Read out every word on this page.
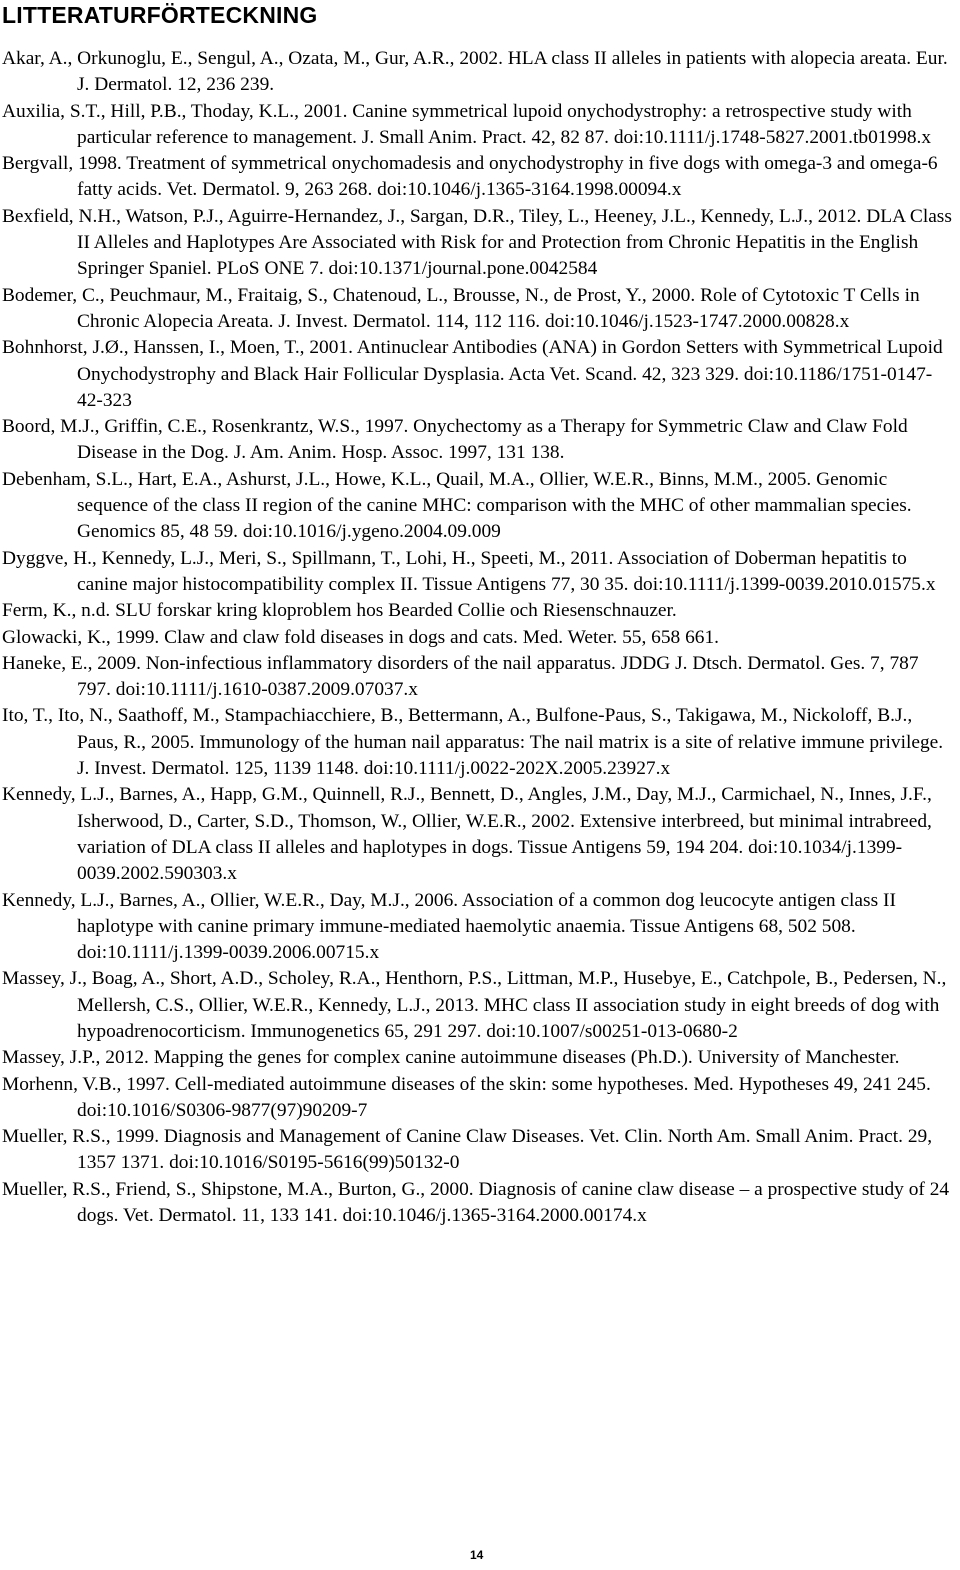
LITTERATURFÖRTECKNING
Akar, A., Orkunoglu, E., Sengul, A., Ozata, M., Gur, A.R., 2002. HLA class II alleles in patients with alopecia areata. Eur. J. Dermatol. 12, 236 239.
Auxilia, S.T., Hill, P.B., Thoday, K.L., 2001. Canine symmetrical lupoid onychodystrophy: a retrospective study with particular reference to management. J. Small Anim. Pract. 42, 82 87. doi:10.1111/j.1748-5827.2001.tb01998.x
Bergvall, 1998. Treatment of symmetrical onychomadesis and onychodystrophy in five dogs with omega-3 and omega-6 fatty acids. Vet. Dermatol. 9, 263 268. doi:10.1046/j.1365-3164.1998.00094.x
Bexfield, N.H., Watson, P.J., Aguirre-Hernandez, J., Sargan, D.R., Tiley, L., Heeney, J.L., Kennedy, L.J., 2012. DLA Class II Alleles and Haplotypes Are Associated with Risk for and Protection from Chronic Hepatitis in the English Springer Spaniel. PLoS ONE 7. doi:10.1371/journal.pone.0042584
Bodemer, C., Peuchmaur, M., Fraitaig, S., Chatenoud, L., Brousse, N., de Prost, Y., 2000. Role of Cytotoxic T Cells in Chronic Alopecia Areata. J. Invest. Dermatol. 114, 112 116. doi:10.1046/j.1523-1747.2000.00828.x
Bohnhorst, J.Ø., Hanssen, I., Moen, T., 2001. Antinuclear Antibodies (ANA) in Gordon Setters with Symmetrical Lupoid Onychodystrophy and Black Hair Follicular Dysplasia. Acta Vet. Scand. 42, 323 329. doi:10.1186/1751-0147-42-323
Boord, M.J., Griffin, C.E., Rosenkrantz, W.S., 1997. Onychectomy as a Therapy for Symmetric Claw and Claw Fold Disease in the Dog. J. Am. Anim. Hosp. Assoc. 1997, 131 138.
Debenham, S.L., Hart, E.A., Ashurst, J.L., Howe, K.L., Quail, M.A., Ollier, W.E.R., Binns, M.M., 2005. Genomic sequence of the class II region of the canine MHC: comparison with the MHC of other mammalian species. Genomics 85, 48 59. doi:10.1016/j.ygeno.2004.09.009
Dyggve, H., Kennedy, L.J., Meri, S., Spillmann, T., Lohi, H., Speeti, M., 2011. Association of Doberman hepatitis to canine major histocompatibility complex II. Tissue Antigens 77, 30 35. doi:10.1111/j.1399-0039.2010.01575.x
Ferm, K., n.d. SLU forskar kring kloproblem hos Bearded Collie och Riesenschnauzer.
Glowacki, K., 1999. Claw and claw fold diseases in dogs and cats. Med. Weter. 55, 658 661.
Haneke, E., 2009. Non-infectious inflammatory disorders of the nail apparatus. JDDG J. Dtsch. Dermatol. Ges. 7, 787 797. doi:10.1111/j.1610-0387.2009.07037.x
Ito, T., Ito, N., Saathoff, M., Stampachiacchiere, B., Bettermann, A., Bulfone-Paus, S., Takigawa, M., Nickoloff, B.J., Paus, R., 2005. Immunology of the human nail apparatus: The nail matrix is a site of relative immune privilege. J. Invest. Dermatol. 125, 1139 1148. doi:10.1111/j.0022-202X.2005.23927.x
Kennedy, L.J., Barnes, A., Happ, G.M., Quinnell, R.J., Bennett, D., Angles, J.M., Day, M.J., Carmichael, N., Innes, J.F., Isherwood, D., Carter, S.D., Thomson, W., Ollier, W.E.R., 2002. Extensive interbreed, but minimal intrabreed, variation of DLA class II alleles and haplotypes in dogs. Tissue Antigens 59, 194 204. doi:10.1034/j.1399-0039.2002.590303.x
Kennedy, L.J., Barnes, A., Ollier, W.E.R., Day, M.J., 2006. Association of a common dog leucocyte antigen class II haplotype with canine primary immune-mediated haemolytic anaemia. Tissue Antigens 68, 502 508. doi:10.1111/j.1399-0039.2006.00715.x
Massey, J., Boag, A., Short, A.D., Scholey, R.A., Henthorn, P.S., Littman, M.P., Husebye, E., Catchpole, B., Pedersen, N., Mellersh, C.S., Ollier, W.E.R., Kennedy, L.J., 2013. MHC class II association study in eight breeds of dog with hypoadrenocorticism. Immunogenetics 65, 291 297. doi:10.1007/s00251-013-0680-2
Massey, J.P., 2012. Mapping the genes for complex canine autoimmune diseases (Ph.D.). University of Manchester.
Morhenn, V.B., 1997. Cell-mediated autoimmune diseases of the skin: some hypotheses. Med. Hypotheses 49, 241 245. doi:10.1016/S0306-9877(97)90209-7
Mueller, R.S., 1999. Diagnosis and Management of Canine Claw Diseases. Vet. Clin. North Am. Small Anim. Pract. 29, 1357 1371. doi:10.1016/S0195-5616(99)50132-0
Mueller, R.S., Friend, S., Shipstone, M.A., Burton, G., 2000. Diagnosis of canine claw disease – a prospective study of 24 dogs. Vet. Dermatol. 11, 133 141. doi:10.1046/j.1365-3164.2000.00174.x
14
